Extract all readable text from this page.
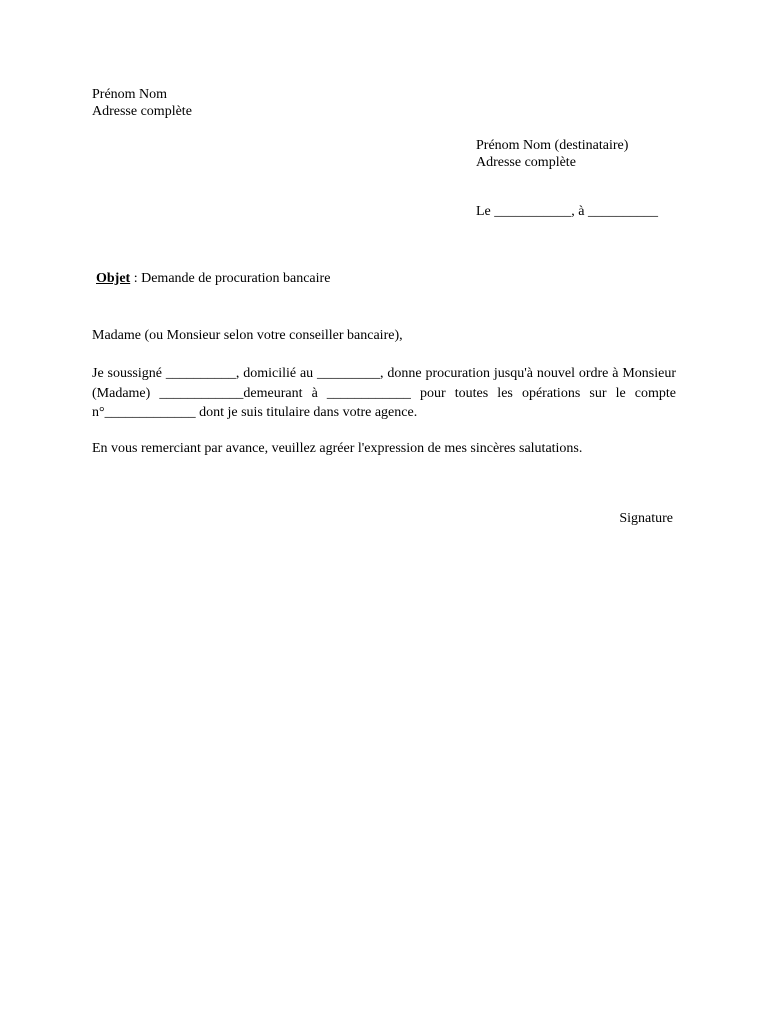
Prénom Nom
Adresse complète
Prénom Nom (destinataire)
Adresse complète
Le ___________, à __________
Objet : Demande de procuration bancaire
Madame (ou Monsieur selon votre conseiller bancaire),
Je soussigné __________, domicilié au _________, donne procuration jusqu'à nouvel ordre à Monsieur (Madame) ____________demeurant à ____________ pour toutes les opérations sur le compte n°_____________ dont je suis titulaire dans votre agence.
En vous remerciant par avance, veuillez agréer l'expression de mes sincères salutations.
Signature
